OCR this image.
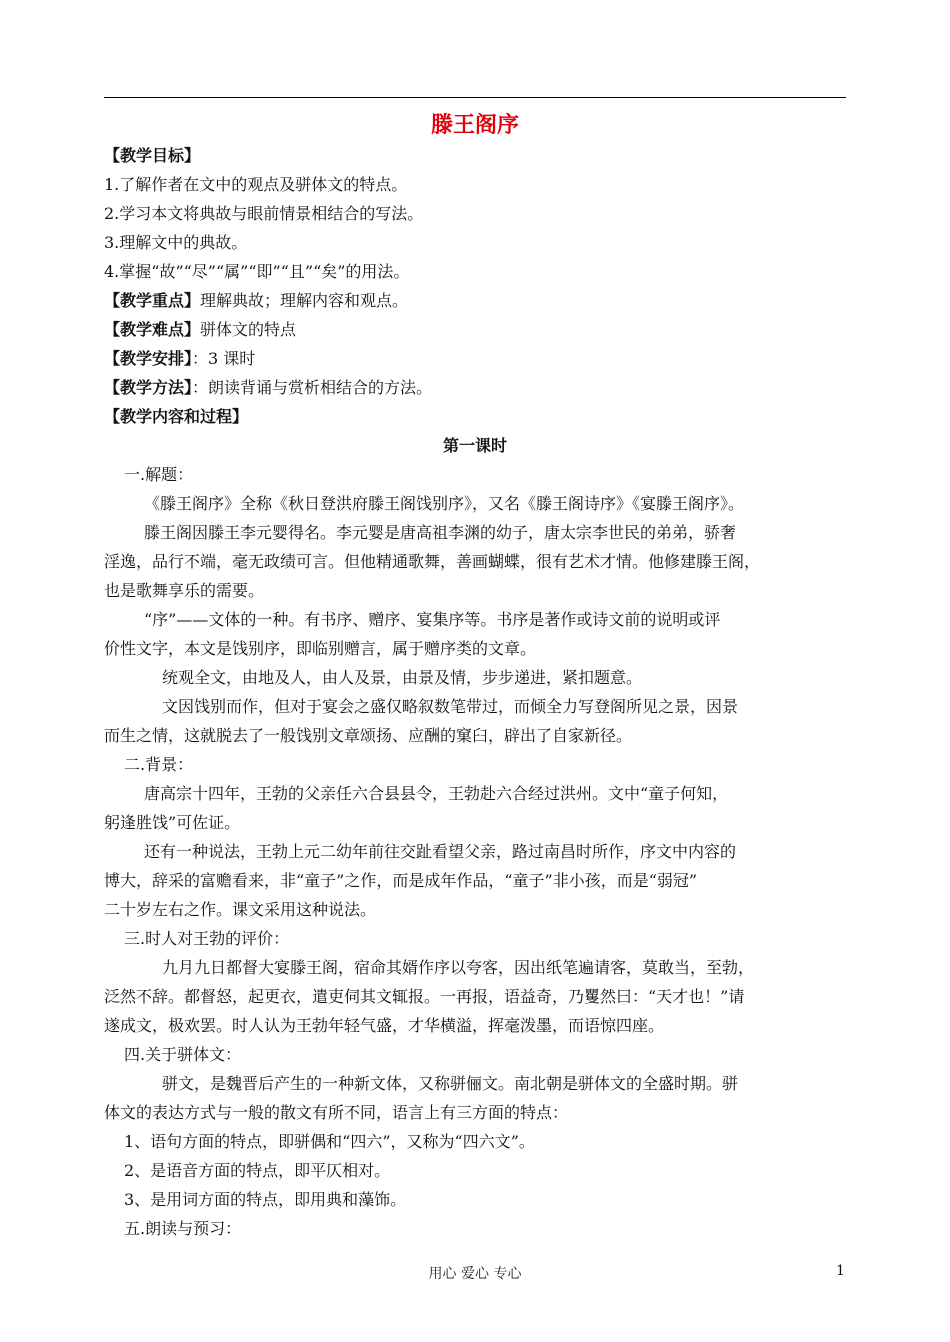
滕王阁序
【教学目标】
1.了解作者在文中的观点及骈体文的特点。
2.学习本文将典故与眼前情景相结合的写法。
3.理解文中的典故。
4.掌握“故”“尽”“属”“即”“且”“矣”的用法。
【教学重点】理解典故；理解内容和观点。
【教学难点】骈体文的特点
【教学安排】：3 课时
【教学方法】：朗读背诵与赏析相结合的方法。
【教学内容和过程】
第一课时
一.解题：
《滕王阁序》全称《秋日登洪府滕王阁饯别序》，又名《滕王阁诗序》《宴滕王阁序》。
滕王阁因滕王李元婴得名。李元婴是唐高祖李渊的幼子，唐太宗李世民的弟弟，骄奢
淫逸，品行不端，毫无政绩可言。但他精通歌舞，善画蝴蝶，很有艺术才情。他修建滕王阁，
也是歌舞享乐的需要。
“序”——文体的一种。有书序、赠序、宴集序等。书序是著作或诗文前的说明或评
价性文字，本文是饯别序，即临别赠言，属于赠序类的文章。
统观全文，由地及人，由人及景，由景及情，步步递进，紧扣题意。
文因饯别而作，但对于宴会之盛仅略叙数笔带过，而倾全力写登阁所见之景，因景
而生之情，这就脱去了一般饯别文章颂扬、应酬的窠臼，辟出了自家新径。
二.背景：
唐高宗十四年，王勃的父亲任六合县县令，王勃赴六合经过洪州。文中“童子何知，
躬逢胜饯”可佐证。
还有一种说法，王勃上元二幼年前往交趾看望父亲，路过南昌时所作，序文中内容的
博大，辞采的富赡看来，非“童子”之作，而是成年作品，“童子”非小孩，而是“弱冠”
二十岁左右之作。课文采用这种说法。
三.时人对王勃的评价：
九月九日都督大宴滕王阁，宿命其婿作序以夸客，因出纸笔遍请客，莫敢当，至勃，
泛然不辞。都督怒，起更衣，遣吏伺其文辄报。一再报，语益奇，乃矍然曰：“天才也！”请
遂成文，极欢罢。时人认为王勃年轻气盛，才华横溢，挥毫泼墨，而语惊四座。
四.关于骈体文：
骈文，是魏晋后产生的一种新文体，又称骈俪文。南北朝是骈体文的全盛时期。骈
体文的表达方式与一般的散文有所不同，语言上有三方面的特点：
1、语句方面的特点，即骈偶和“四六”，又称为“四六文”。
2、是语音方面的特点，即平仄相对。
3、是用词方面的特点，即用典和藻饰。
五.朗读与预习：
用心 爱心 专心	1
